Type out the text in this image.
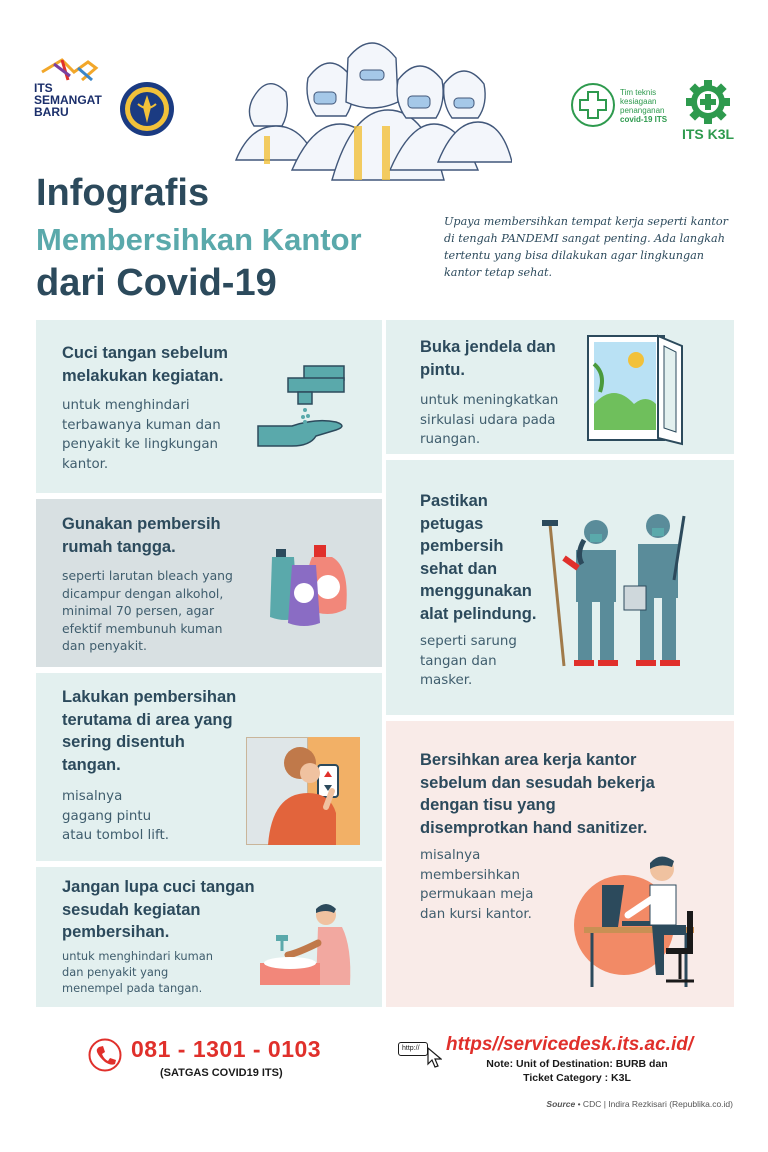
ITS
SEMANGAT
BARU
Tim teknis kesiagaan penanganan covid-19 ITS
ITS K3L
Infografis
Membersihkan Kantor
dari Covid-19
Upaya membersihkan tempat kerja seperti kantor di tengah PANDEMI sangat penting. Ada langkah tertentu yang bisa dilakukan agar lingkungan kantor tetap sehat.
Cuci tangan sebelum
melakukan kegiatan.
untuk menghindari
terbawanya kuman dan
penyakit ke lingkungan
kantor.
Buka jendela dan
pintu.
untuk meningkatkan
sirkulasi udara pada
ruangan.
Gunakan pembersih
rumah tangga.
seperti larutan bleach yang
dicampur dengan alkohol,
minimal 70 persen, agar
efektif membunuh kuman
dan penyakit.
Pastikan
petugas
pembersih
sehat dan
menggunakan
alat pelindung.
seperti sarung
tangan dan
masker.
Lakukan pembersihan
terutama di area yang
sering disentuh
tangan.
misalnya
gagang pintu
atau tombol lift.
Bersihkan area kerja kantor
sebelum dan sesudah bekerja
dengan tisu yang
disemprotkan hand sanitizer.
misalnya
membersihkan
permukaan meja
dan kursi kantor.
Jangan lupa cuci tangan
sesudah kegiatan
pembersihan.
untuk menghindari kuman
dan penyakit yang
menempel pada tangan.
081 - 1301 - 0103
(SATGAS COVID19 ITS)
http://	https//servicedesk.its.ac.id/
Note: Unit of Destination: BURB dan
Ticket Category : K3L
Source • CDC | Indira Rezkisari (Republika.co.id)
